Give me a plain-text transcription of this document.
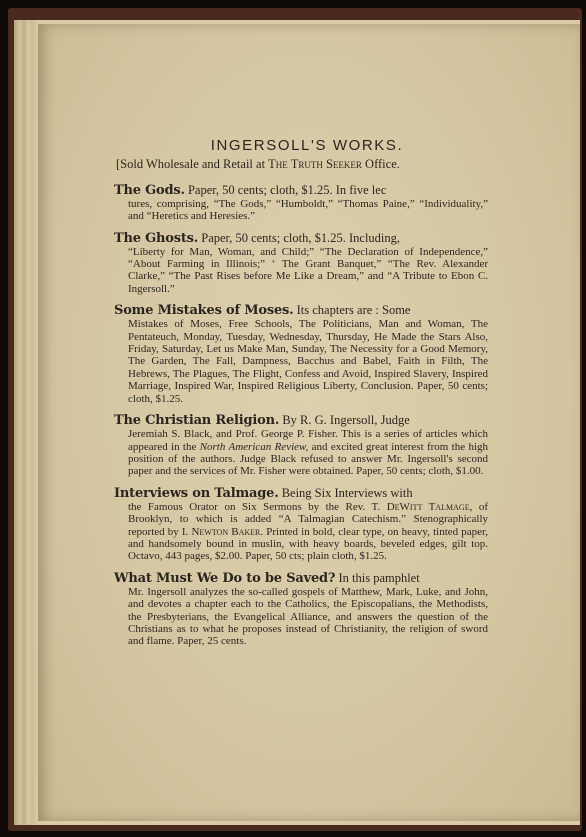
INGERSOLL'S WORKS.
[Sold Wholesale and Retail at The Truth Seeker Office.
The Gods. Paper, 50 cents; cloth, $1.25. In five lec
tures, comprising, “The Gods,” “Humboldt,” “Thomas Paine,” “Individuality,” and “Heretics and Heresies.”
The Ghosts. Paper, 50 cents; cloth, $1.25. Including,
“Liberty for Man, Woman, and Child;” “The Declaration of Independence,” “About Farming in Illinois;” ‘ The Grant Banquet,” “The Rev. Alexander Clarke,” “The Past Rises before Me Like a Dream,” and “A Tribute to Ebon C. Ingersoll.”
Some Mistakes of Moses. Its chapters are : Some
Mistakes of Moses, Free Schools, The Politicians, Man and Woman, The Pentateuch, Monday, Tuesday, Wednesday, Thursday, He Made the Stars Also, Friday, Saturday, Let us Make Man, Sunday, The Necessity for a Good Memory, The Garden, The Fall, Dampness, Bacchus and Babel, Faith in Filth, The Hebrews, The Plagues, The Flight, Confess and Avoid, Inspired Slavery, Inspired Marriage, Inspired War, Inspired Religious Liberty, Conclusion. Paper, 50 cents; cloth, $1.25.
The Christian Religion. By R. G. Ingersoll, Judge
Jeremiah S. Black, and Prof. George P. Fisher. This is a series of articles which appeared in the North American Review, and excited great interest from the high position of the authors. Judge Black refused to answer Mr. Ingersoll's second paper and the services of Mr. Fisher were obtained. Paper, 50 cents; cloth, $1.00.
Interviews on Talmage. Being Six Interviews with
the Famous Orator on Six Sermons by the Rev. T. DeWitt Talmage, of Brooklyn, to which is added “A Talmagian Catechism.” Stenographically reported by I. Newton Baker. Printed in bold, clear type, on heavy, tinted paper, and handsomely bound in muslin, with heavy boards, beveled edges, gilt top. Octavo, 443 pages, $2.00. Paper, 50 cts; plain cloth, $1.25.
What Must We Do to be Saved? In this pamphlet
Mr. Ingersoll analyzes the so-called gospels of Matthew, Mark, Luke, and John, and devotes a chapter each to the Catholics, the Episcopalians, the Methodists, the Presbyterians, the Evangelical Alliance, and answers the question of the Christians as to what he proposes instead of Christianity, the religion of sword and flame. Paper, 25 cents.
